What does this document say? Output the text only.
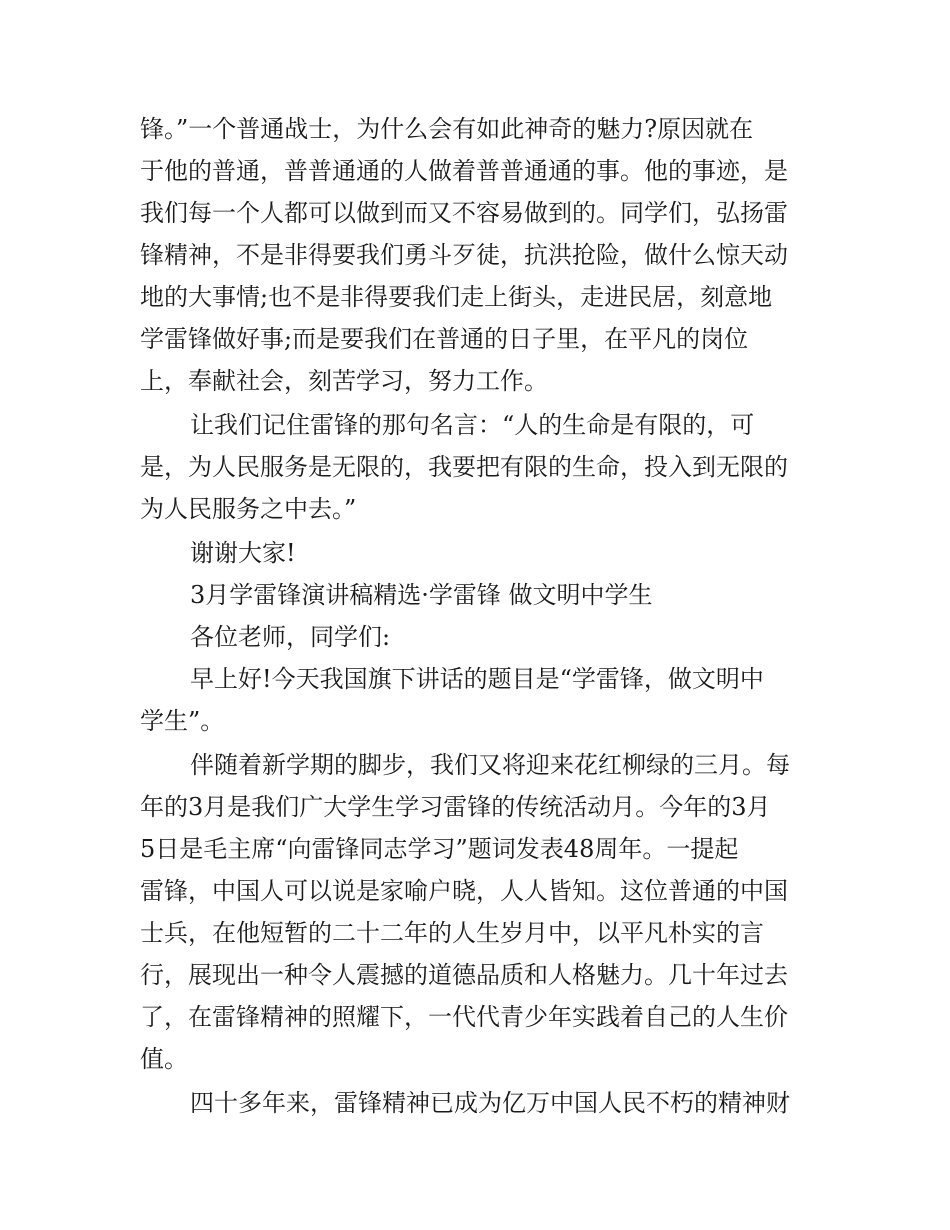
锋。”一个普通战士，为什么会有如此神奇的魅力?原因就在
于他的普通，普普通通的人做着普普通通的事。他的事迹，是
我们每一个人都可以做到而又不容易做到的。同学们，弘扬雷
锋精神，不是非得要我们勇斗歹徒，抗洪抢险，做什么惊天动
地的大事情;也不是非得要我们走上街头，走进民居，刻意地
学雷锋做好事;而是要我们在普通的日子里，在平凡的岗位
上，奉献社会，刻苦学习，努力工作。
让我们记住雷锋的那句名言：“人的生命是有限的，可
是，为人民服务是无限的，我要把有限的生命，投入到无限的
为人民服务之中去。”
谢谢大家!
3月学雷锋演讲稿精选·学雷锋 做文明中学生
各位老师，同学们:
早上好!今天我国旗下讲话的题目是“学雷锋，做文明中
学生”。
伴随着新学期的脚步，我们又将迎来花红柳绿的三月。每
年的3月是我们广大学生学习雷锋的传统活动月。今年的3月
5日是毛主席“向雷锋同志学习”题词发表48周年。一提起
雷锋，中国人可以说是家喻户晓，人人皆知。这位普通的中国
士兵，在他短暂的二十二年的人生岁月中，以平凡朴实的言
行，展现出一种令人震撼的道德品质和人格魅力。几十年过去
了，在雷锋精神的照耀下，一代代青少年实践着自己的人生价
值。
四十多年来，雷锋精神已成为亿万中国人民不朽的精神财
